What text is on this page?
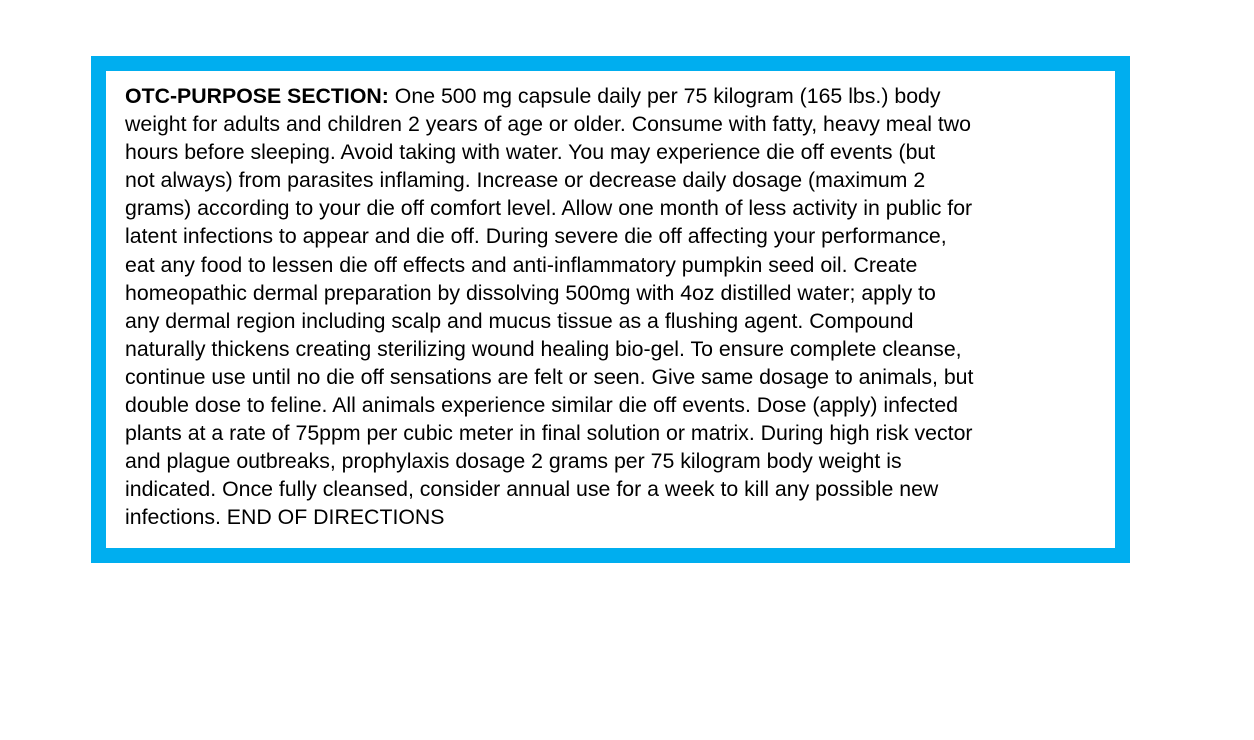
OTC-PURPOSE SECTION: One 500 mg capsule daily per 75 kilogram (165 lbs.) body
weight for adults and children 2 years of age or older. Consume with fatty, heavy meal two
hours before sleeping. Avoid taking with water. You may experience die off events (but
not always) from parasites inflaming. Increase or decrease daily dosage (maximum 2
grams) according to your die off comfort level. Allow one month of less activity in public for
latent infections to appear and die off. During severe die off affecting your performance,
eat any food to lessen die off effects and anti-inflammatory pumpkin seed oil. Create
homeopathic dermal preparation by dissolving 500mg with 4oz distilled water; apply to
any dermal region including scalp and mucus tissue as a flushing agent. Compound
naturally thickens creating sterilizing wound healing bio-gel. To ensure complete cleanse,
continue use until no die off sensations are felt or seen. Give same dosage to animals, but
double dose to feline. All animals experience similar die off events. Dose (apply) infected
plants at a rate of 75ppm per cubic meter in final solution or matrix. During high risk vector
and plague outbreaks, prophylaxis dosage 2 grams per 75 kilogram body weight is
indicated. Once fully cleansed, consider annual use for a week to kill any possible new
infections. END OF DIRECTIONS
